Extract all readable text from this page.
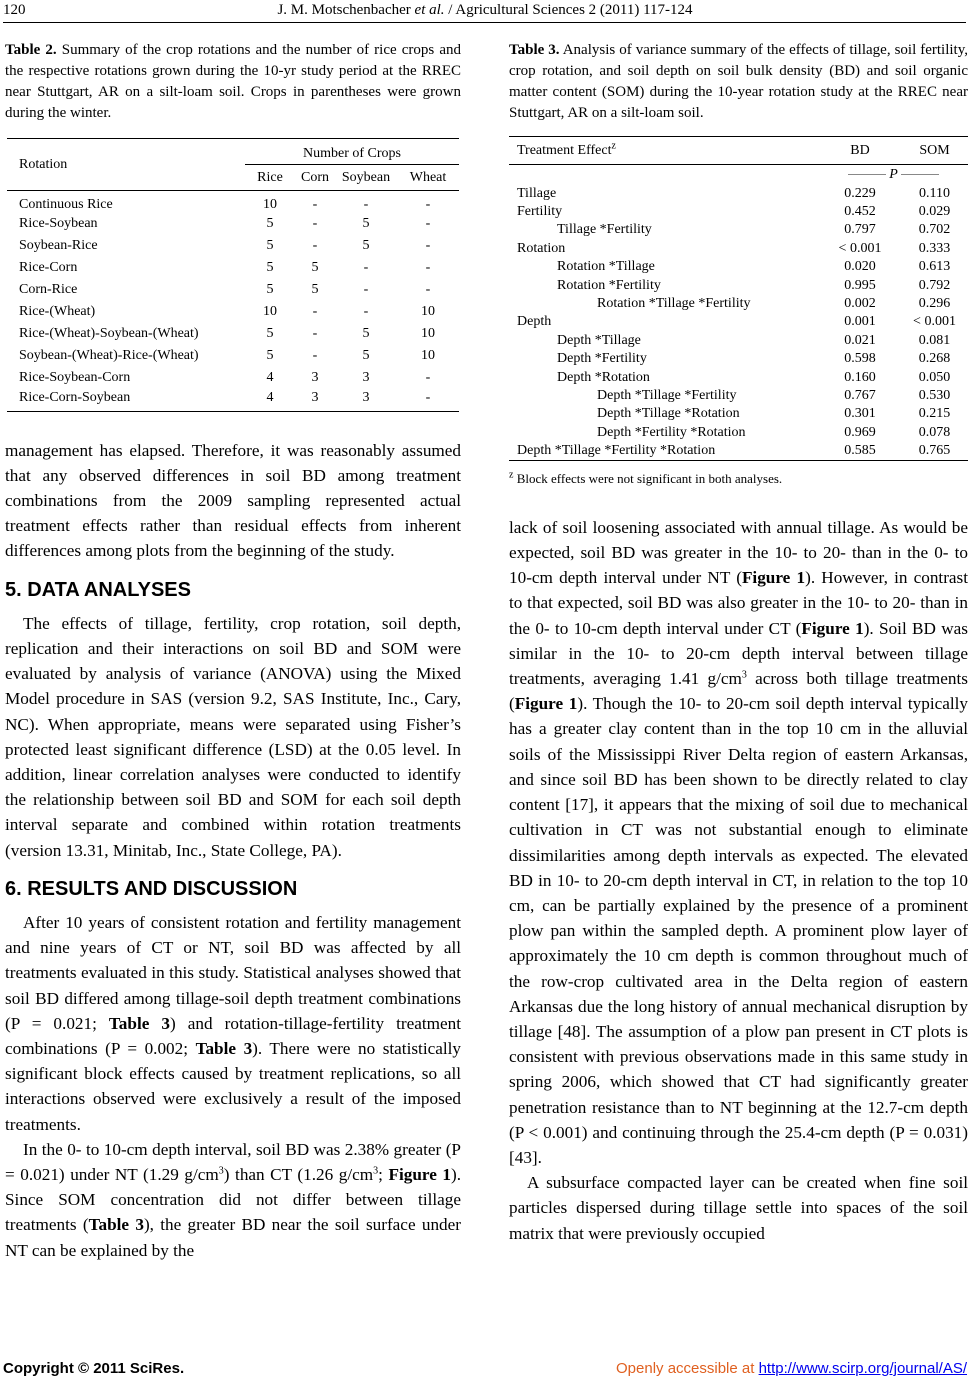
120	J. M. Motschenbacher et al. / Agricultural Sciences 2 (2011) 117-124
Table 2. Summary of the crop rotations and the number of rice crops and the respective rotations grown during the 10-yr study period at the RREC near Stuttgart, AR on a silt-loam soil. Crops in parentheses were grown during the winter.
Rotation	Number of Crops			
	Rice	Corn	Soybean	Wheat
Continuous Rice	10	-	-	-
Rice-Soybean	5	-	5	-
Soybean-Rice	5	-	5	-
Rice-Corn	5	5	-	-
Corn-Rice	5	5	-	-
Rice-(Wheat)	10	-	-	10
Rice-(Wheat)-Soybean-(Wheat)	5	-	5	10
Soybean-(Wheat)-Rice-(Wheat)	5	-	5	10
Rice-Soybean-Corn	4	3	3	-
Rice-Corn-Soybean	4	3	3	-

management has elapsed. Therefore, it was reasonably assumed that any observed differences in soil BD among treatment combinations from the 2009 sampling represented actual treatment effects rather than residual effects from inherent differences among plots from the beginning of the study.

5. DATA ANALYSES

The effects of tillage, fertility, crop rotation, soil depth, replication and their interactions on soil BD and SOM were evaluated by analysis of variance (ANOVA) using the Mixed Model procedure in SAS (version 9.2, SAS Institute, Inc., Cary, NC). When appropriate, means were separated using Fisher’s protected least significant difference (LSD) at the 0.05 level. In addition, linear correlation analyses were conducted to identify the relationship between soil BD and SOM for each soil depth interval separate and combined within rotation treatments (version 13.31, Minitab, Inc., State College, PA).

6. RESULTS AND DISCUSSION

After 10 years of consistent rotation and fertility management and nine years of CT or NT, soil BD was affected by all treatments evaluated in this study. Statistical analyses showed that soil BD differed among tillage-soil depth treatment combinations (P = 0.021; Table 3) and rotation-tillage-fertility treatment combinations (P = 0.002; Table 3). There were no statistically significant block effects caused by treatment replications, so all interactions observed were exclusively a result of the imposed treatments.

In the 0- to 10-cm depth interval, soil BD was 2.38% greater (P = 0.021) under NT (1.29 $g/cm^3$) than CT (1.26 $g/cm^3$; Figure 1). Since SOM concentration did not differ between tillage treatments (Table 3), the greater BD near the soil surface under NT can be explained by the

Table 3. Analysis of variance summary of the effects of tillage, soil fertility, crop rotation, and soil depth on soil bulk density (BD) and soil organic matter content (SOM) during the 10-year rotation study at the RREC near Stuttgart, AR on a silt-loam soil.
Treatment Effect$^z$	BD	SOM
	P	
Tillage	0.229	0.110
Fertility	0.452	0.029
Tillage *Fertility	0.797	0.702
Rotation	< 0.001	0.333
Rotation *Tillage	0.020	0.613
Rotation *Fertility	0.995	0.792
Rotation *Tillage *Fertility	0.002	0.296
Depth	0.001	< 0.001
Depth *Tillage	0.021	0.081
Depth *Fertility	0.598	0.268
Depth *Rotation	0.160	0.050
Depth *Tillage *Fertility	0.767	0.530
Depth *Tillage *Rotation	0.301	0.215
Depth *Fertility *Rotation	0.969	0.078
Depth *Tillage *Fertility *Rotation	0.585	0.765
$^z$ Block effects were not significant in both analyses.

lack of soil loosening associated with annual tillage. As would be expected, soil BD was greater in the 10- to 20- than in the 0- to 10-cm depth interval under NT (Figure 1). However, in contrast to that expected, soil BD was also greater in the 10- to 20- than in the 0- to 10-cm depth interval under CT (Figure 1). Soil BD was similar in the 10- to 20-cm depth interval between tillage treatments, averaging 1.41 $g/cm^3$ across both tillage treatments (Figure 1). Though the 10- to 20-cm soil depth interval typically has a greater clay content than in the top 10 cm in the alluvial soils of the Mississippi River Delta region of eastern Arkansas, and since soil BD has been shown to be directly related to clay content [17], it appears that the mixing of soil due to mechanical cultivation in CT was not substantial enough to eliminate dissimilarities among depth intervals as expected. The elevated BD in 10- to 20-cm depth interval in CT, in relation to the top 10 cm, can be partially explained by the presence of a prominent plow pan within the sampled depth. A prominent plow layer of approximately the 10 cm depth is common throughout much of the row-crop cultivated area in the Delta region of eastern Arkansas due the long history of annual mechanical disruption by tillage [48]. The assumption of a plow pan present in CT plots is consistent with previous observations made in this same study in spring 2006, which showed that CT had significantly greater penetration resistance than to NT beginning at the 12.7-cm depth (P < 0.001) and continuing through the 25.4-cm depth (P = 0.031) [43].

A subsurface compacted layer can be created when fine soil particles dispersed during tillage settle into spaces of the soil matrix that were previously occupied

Copyright © 2011 SciRes.	Openly accessible at http://www.scirp.org/journal/AS/
